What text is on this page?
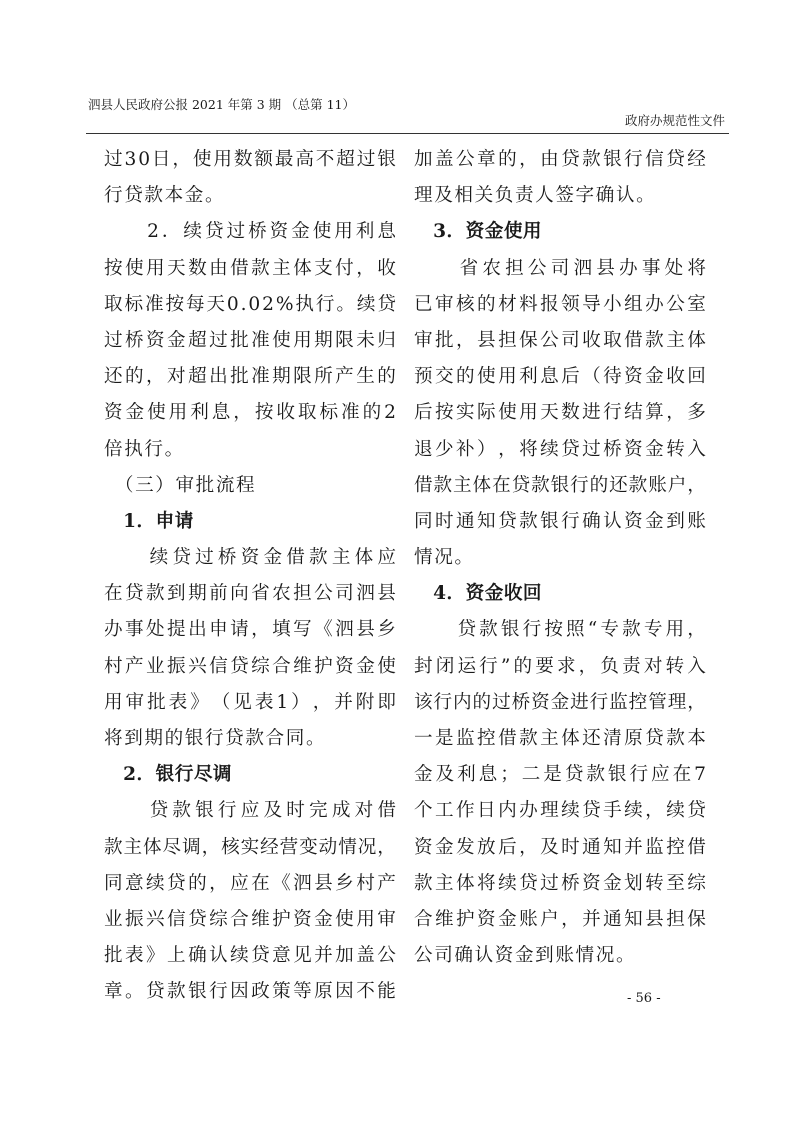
泗县人民政府公报 2021 年第 3 期 （总第 11）
政府办规范性文件
过 3 0 日 ， 使 用 数 额 最 高 不 超 过 银
行贷款本金。

2 ． 续 贷 过 桥 资 金 使 用 利 息
按 使 用 天 数 由 借 款 主 体 支 付 ， 收
取 标 准 按 每 天 0 . 0 2 % 执 行 。 续 贷
过 桥 资 金 超 过 批 准 使 用 期 限 未 归
还 的 ， 对 超 出 批 准 期 限 所 产 生 的
资 金 使 用 利 息 ， 按 收 取 标 准 的 2
倍执行。
　（三）审批流程
　1．申请

续 贷 过 桥 资 金 借 款 主 体 应
在 贷 款 到 期 前 向 省 农 担 公 司 泗 县
办 事 处 提 出 申 请 ， 填 写 《 泗 县 乡
村 产 业 振 兴 信 贷 综 合 维 护 资 金 使
用 审 批 表 》 （ 见 表 1 ） ， 并 附 即
将到期的银行贷款合同。
　2．银行尽调

贷 款 银 行 应 及 时 完 成 对 借
款 主 体 尽 调 ， 核 实 经 营 变 动 情 况 ，
同 意 续 贷 的 ， 应 在 《 泗 县 乡 村 产
业 振 兴 信 贷 综 合 维 护 资 金 使 用 审
批 表 》 上 确 认 续 贷 意 见 并 加 盖 公
章 。 贷 款 银 行 因 政 策 等 原 因 不 能
加 盖 公 章 的 ， 由 贷 款 银 行 信 贷 经
理及相关负责人签字确认。
　3．资金使用

省 农 担 公 司 泗 县 办 事 处 将
已 审 核 的 材 料 报 领 导 小 组 办 公 室
审 批 ， 县 担 保 公 司 收 取 借 款 主 体
预 交 的 使 用 利 息 后 （ 待 资 金 收 回
后 按 实 际 使 用 天 数 进 行 结 算 ， 多
退 少 补 ） ， 将 续 贷 过 桥 资 金 转 入
借 款 主 体 在 贷 款 银 行 的 还 款 账 户 ，
同 时 通 知 贷 款 银 行 确 认 资 金 到 账
情况。
　4．资金收回

贷 款 银 行 按 照 “ 专 款 专 用 ，
封 闭 运 行 ” 的 要 求 ， 负 责 对 转 入
该 行 内 的 过 桥 资 金 进 行 监 控 管 理 ，
一 是 监 控 借 款 主 体 还 清 原 贷 款 本
金 及 利 息 ； 二 是 贷 款 银 行 应 在 7
个 工 作 日 内 办 理 续 贷 手 续 ， 续 贷
资 金 发 放 后 ， 及 时 通 知 并 监 控 借
款 主 体 将 续 贷 过 桥 资 金 划 转 至 综
合 维 护 资 金 账 户 ， 并 通 知 县 担 保
公司确认资金到账情况。
- 56 -
